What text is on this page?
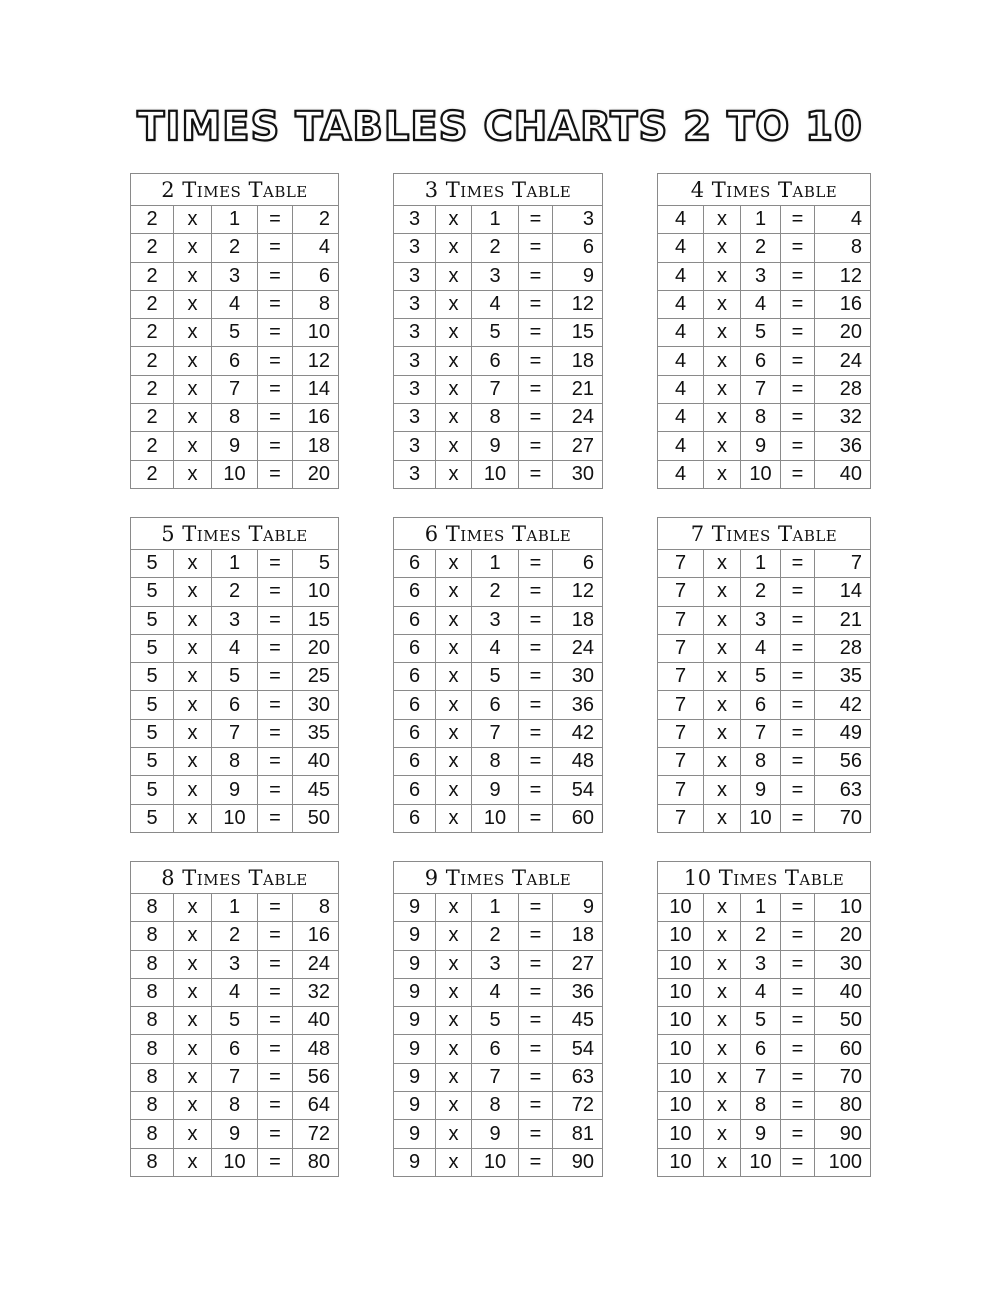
TIMES TABLES CHARTS 2 TO 10
2 Times Table				
2	x	1	=	2
2	x	2	=	4
2	x	3	=	6
2	x	4	=	8
2	x	5	=	10
2	x	6	=	12
2	x	7	=	14
2	x	8	=	16
2	x	9	=	18
2	x	10	=	20
3 Times Table				
3	x	1	=	3
3	x	2	=	6
3	x	3	=	9
3	x	4	=	12
3	x	5	=	15
3	x	6	=	18
3	x	7	=	21
3	x	8	=	24
3	x	9	=	27
3	x	10	=	30
4 Times Table				
4	x	1	=	4
4	x	2	=	8
4	x	3	=	12
4	x	4	=	16
4	x	5	=	20
4	x	6	=	24
4	x	7	=	28
4	x	8	=	32
4	x	9	=	36
4	x	10	=	40
5 Times Table				
5	x	1	=	5
5	x	2	=	10
5	x	3	=	15
5	x	4	=	20
5	x	5	=	25
5	x	6	=	30
5	x	7	=	35
5	x	8	=	40
5	x	9	=	45
5	x	10	=	50
6 Times Table				
6	x	1	=	6
6	x	2	=	12
6	x	3	=	18
6	x	4	=	24
6	x	5	=	30
6	x	6	=	36
6	x	7	=	42
6	x	8	=	48
6	x	9	=	54
6	x	10	=	60
7 Times Table				
7	x	1	=	7
7	x	2	=	14
7	x	3	=	21
7	x	4	=	28
7	x	5	=	35
7	x	6	=	42
7	x	7	=	49
7	x	8	=	56
7	x	9	=	63
7	x	10	=	70
8 Times Table				
8	x	1	=	8
8	x	2	=	16
8	x	3	=	24
8	x	4	=	32
8	x	5	=	40
8	x	6	=	48
8	x	7	=	56
8	x	8	=	64
8	x	9	=	72
8	x	10	=	80
9 Times Table				
9	x	1	=	9
9	x	2	=	18
9	x	3	=	27
9	x	4	=	36
9	x	5	=	45
9	x	6	=	54
9	x	7	=	63
9	x	8	=	72
9	x	9	=	81
9	x	10	=	90
10 Times Table				
10	x	1	=	10
10	x	2	=	20
10	x	3	=	30
10	x	4	=	40
10	x	5	=	50
10	x	6	=	60
10	x	7	=	70
10	x	8	=	80
10	x	9	=	90
10	x	10	=	100
